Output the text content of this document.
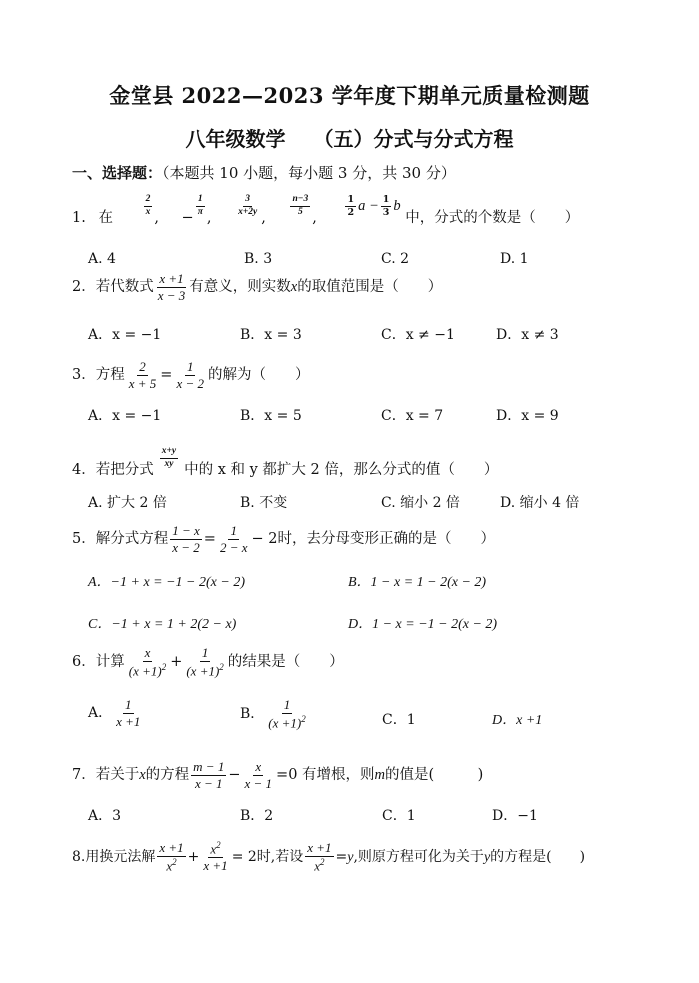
金堂县 2022—2023 学年度下期单元质量检测题
八年级数学 （五）分式与分式方程
一、选择题：（本题共 10 小题，每小题 3 分，共 30 分）
1. 在
$\frac{2}{x}$
, −
$\frac{1}{\pi}$
,
$\frac{3}{x+2y}$
,
$\frac{n-3}{5}$
,
$\frac{1}{2}$ $a - \frac{1}{3}$ b 中，分式的个数是（　　）
A. 4	B. 3	C. 2	D. 1
2．若代数式 $\frac{x +1}{x - 3}$ 有意义，则实数x的取值范围是（　　）
A．x = −1	B．x = 3	C．x ≠ −1	D．x ≠ 3
3．方程 $\frac{2}{x + 5} = \frac{1}{x - 2}$ 的解为（　　）
A．x = −1	B．x = 5	C．x = 7	D．x = 9
4．若把分式
$\frac{x+y}{xy}$
中的 x 和 y 都扩大 2 倍，那么分式的值（　　）
A. 扩大 2 倍	B. 不变	C. 缩小 2 倍	D. 缩小 4 倍
5．解分式方程 $\frac{1 - x}{x - 2} = \frac{1}{2 - x} - 2$时，去分母变形正确的是（　　）
A．−1 + x = −1 − 2(x − 2)	B．1 − x = 1 − 2(x − 2)
C．−1 + x = 1 + 2(2 − x)	D．1 − x = −1 − 2(x − 2)
6．计算 $\frac{x}{(x +1)^2} + \frac{1}{(x +1)^2}$ 的结果是（　　）
A． $\frac{1}{x +1}$	B． $\frac{1}{(x +1)^2}$	C．1	D．x +1
7．若关于x的方程 $\frac{m - 1}{x - 1} - \frac{x}{x - 1} =0$ 有增根，则m的值是(　　　)
A．3	B．2	C．1	D．−1
8.用换元法解 $\frac{x +1}{x^2} + \frac{x^2}{x +1} = 2$时,若设 $\frac{x +1}{x^2} =y$,则原方程可化为关于y的方程是(　　)
